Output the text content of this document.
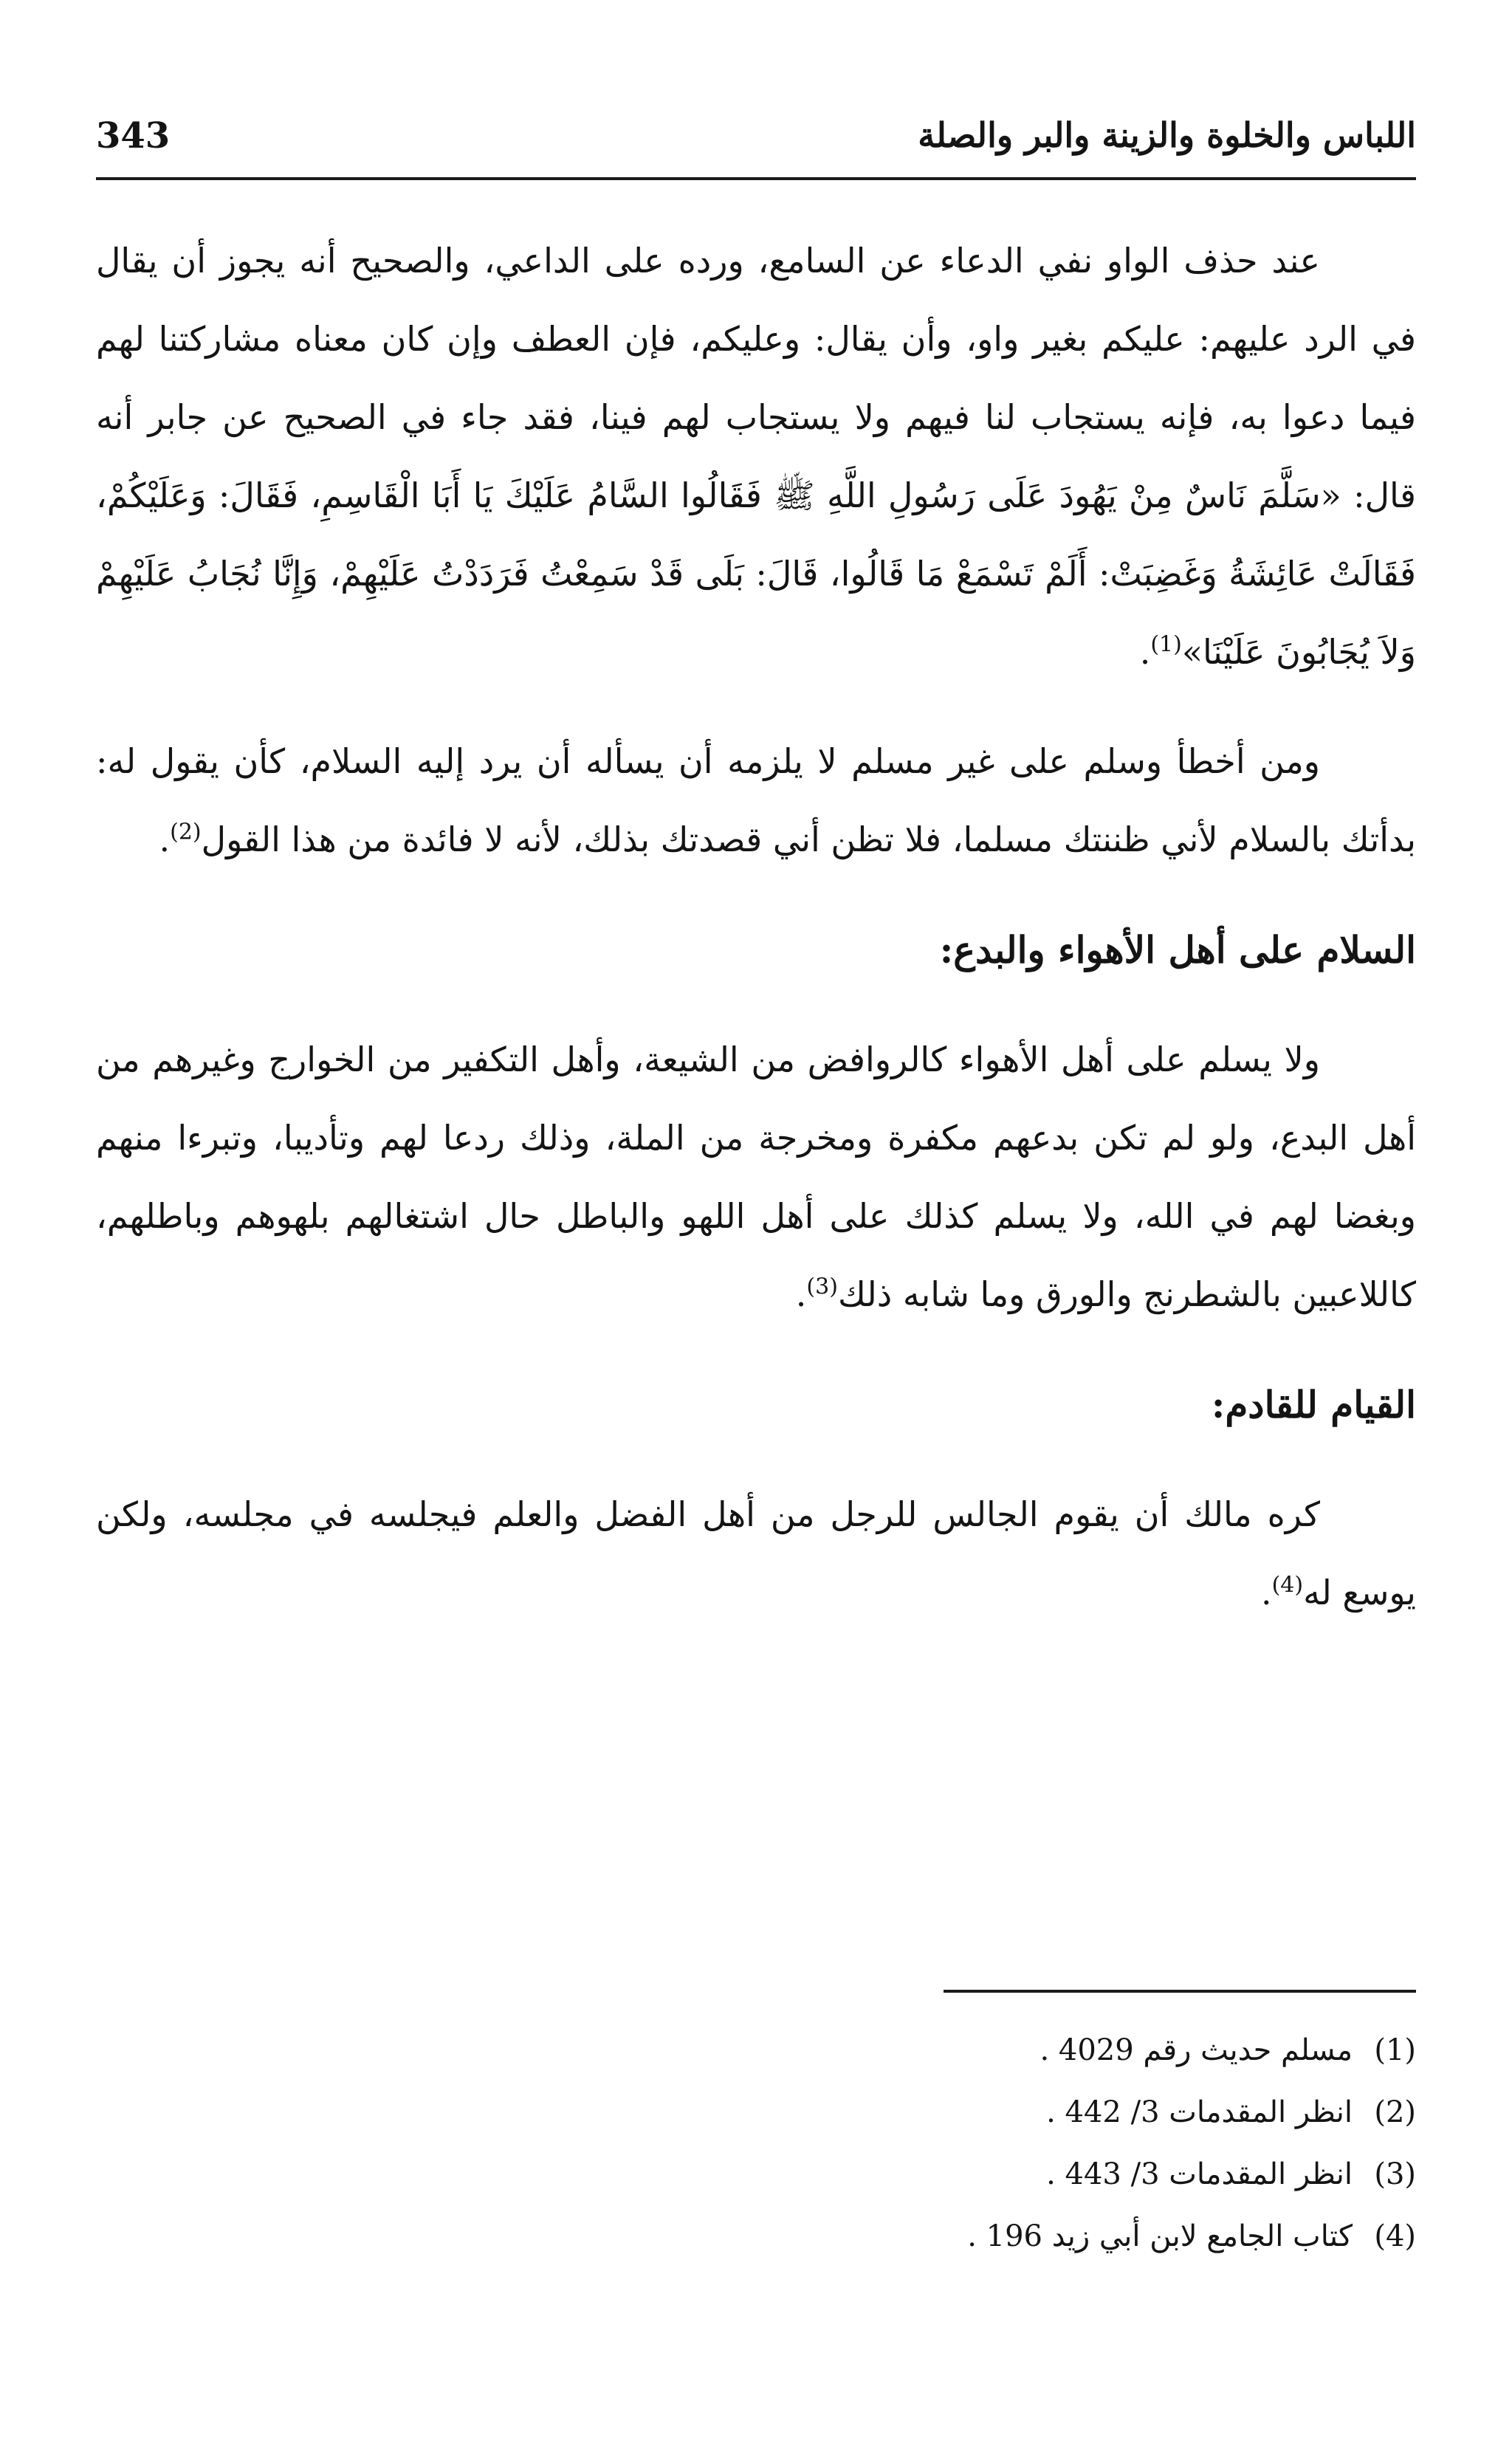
343	اللباس والخلوة والزينة والبر والصلة

عند حذف الواو نفي الدعاء عن السامع، ورده على الداعي، والصحيح أنه يجوز أن يقال في الرد عليهم: عليكم بغير واو، وأن يقال: وعليكم، فإن العطف وإن كان معناه مشاركتنا لهم فيما دعوا به، فإنه يستجاب لنا فيهم ولا يستجاب لهم فينا، فقد جاء في الصحيح عن جابر أنه قال: «سَلَّمَ نَاسٌ مِنْ يَهُودَ عَلَى رَسُولِ اللَّهِ ﷺ فَقَالُوا السَّامُ عَلَيْكَ يَا أَبَا الْقَاسِمِ، فَقَالَ: وَعَلَيْكُمْ، فَقَالَتْ عَائِشَةُ وَغَضِبَتْ: أَلَمْ تَسْمَعْ مَا قَالُوا، قَالَ: بَلَى قَدْ سَمِعْتُ فَرَدَدْتُ عَلَيْهِمْ، وَإِنَّا نُجَابُ عَلَيْهِمْ وَلاَ يُجَابُونَ عَلَيْنَا»$^{(1)}$.

ومن أخطأ وسلم على غير مسلم لا يلزمه أن يسأله أن يرد إليه السلام، كأن يقول له: بدأتك بالسلام لأني ظننتك مسلما، فلا تظن أني قصدتك بذلك، لأنه لا فائدة من هذا القول$^{(2)}$.

السلام على أهل الأهواء والبدع:

ولا يسلم على أهل الأهواء كالروافض من الشيعة، وأهل التكفير من الخوارج وغيرهم من أهل البدع، ولو لم تكن بدعهم مكفرة ومخرجة من الملة، وذلك ردعا لهم وتأديبا، وتبرءا منهم وبغضا لهم في الله، ولا يسلم كذلك على أهل اللهو والباطل حال اشتغالهم بلهوهم وباطلهم، كاللاعبين بالشطرنج والورق وما شابه ذلك$^{(3)}$.

القيام للقادم:

كره مالك أن يقوم الجالس للرجل من أهل الفضل والعلم فيجلسه في مجلسه، ولكن يوسع له$^{(4)}$.

(1)مسلم حديث رقم 4029 .
(2)انظر المقدمات 3/ 442 .
(3)انظر المقدمات 3/ 443 .
(4)كتاب الجامع لابن أبي زيد 196 .
